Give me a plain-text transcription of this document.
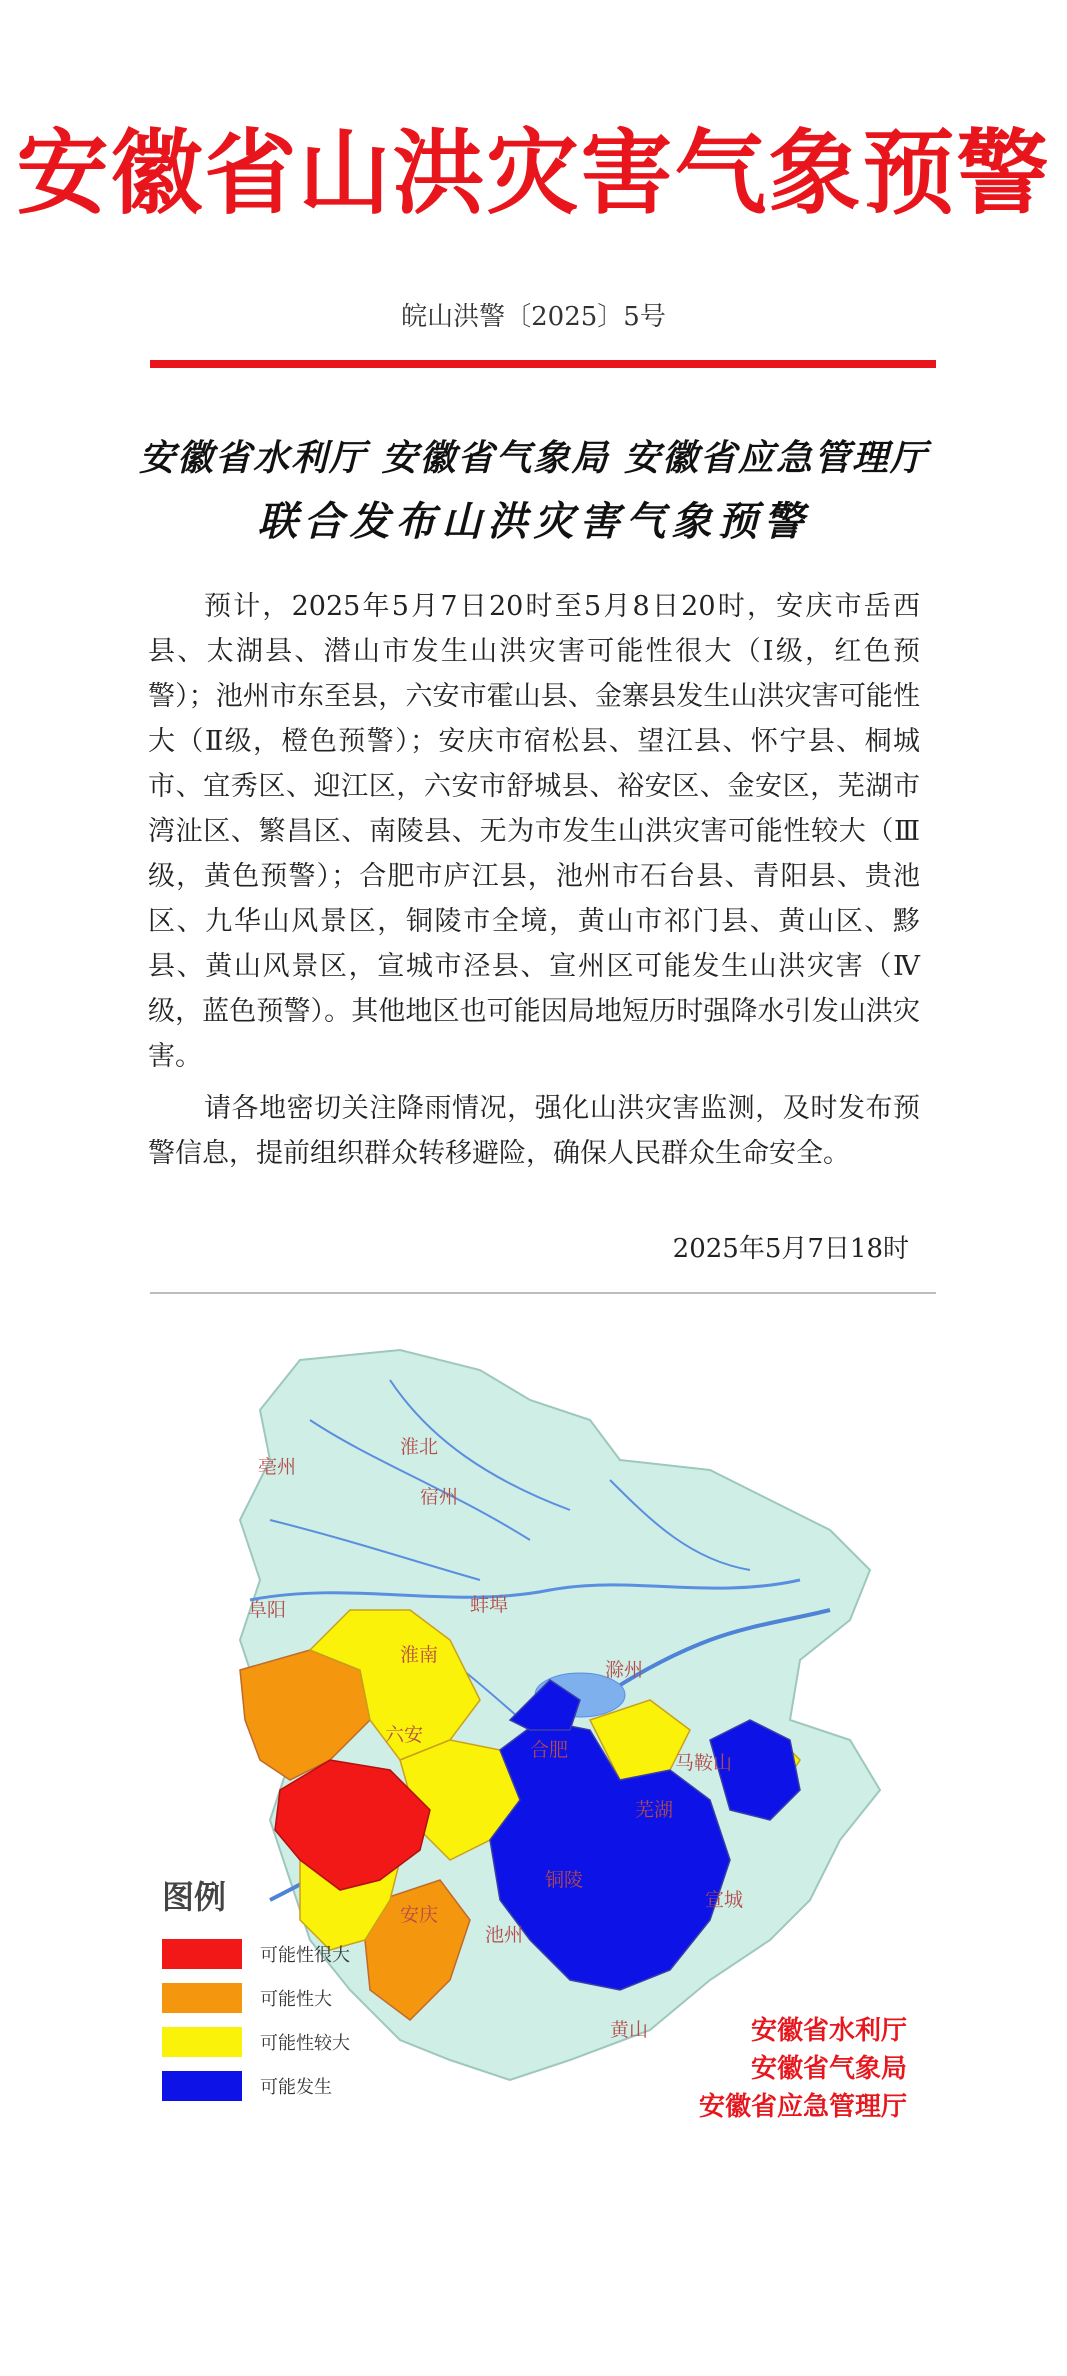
安徽省山洪灾害气象预警
皖山洪警〔2025〕5号
安徽省水利厅 安徽省气象局 安徽省应急管理厅
联合发布山洪灾害气象预警

预计，2025年5月7日20时至5月8日20时，安庆市岳西县、太湖县、潜山市发生山洪灾害可能性很大（Ⅰ级，红色预警）；池州市东至县，六安市霍山县、金寨县发生山洪灾害可能性大（Ⅱ级，橙色预警）；安庆市宿松县、望江县、怀宁县、桐城市、宜秀区、迎江区，六安市舒城县、裕安区、金安区，芜湖市湾沚区、繁昌区、南陵县、无为市发生山洪灾害可能性较大（Ⅲ级，黄色预警）；合肥市庐江县，池州市石台县、青阳县、贵池区、九华山风景区，铜陵市全境，黄山市祁门县、黄山区、黟县、黄山风景区，宣城市泾县、宣州区可能发生山洪灾害（Ⅳ级，蓝色预警）。其他地区也可能因局地短历时强降水引发山洪灾害。

请各地密切关注降雨情况，强化山洪灾害监测，及时发布预警信息，提前组织群众转移避险，确保人民群众生命安全。

2025年5月7日18时
亳州
淮北
宿州
阜阳	蚌埠
淮南
滁州
六安
合肥
马鞍山
芜湖
铜陵
安庆
池州
宣城
黄山
图例
可能性很大
可能性大
可能性较大
可能发生
安徽省水利厅
安徽省气象局
安徽省应急管理厅
